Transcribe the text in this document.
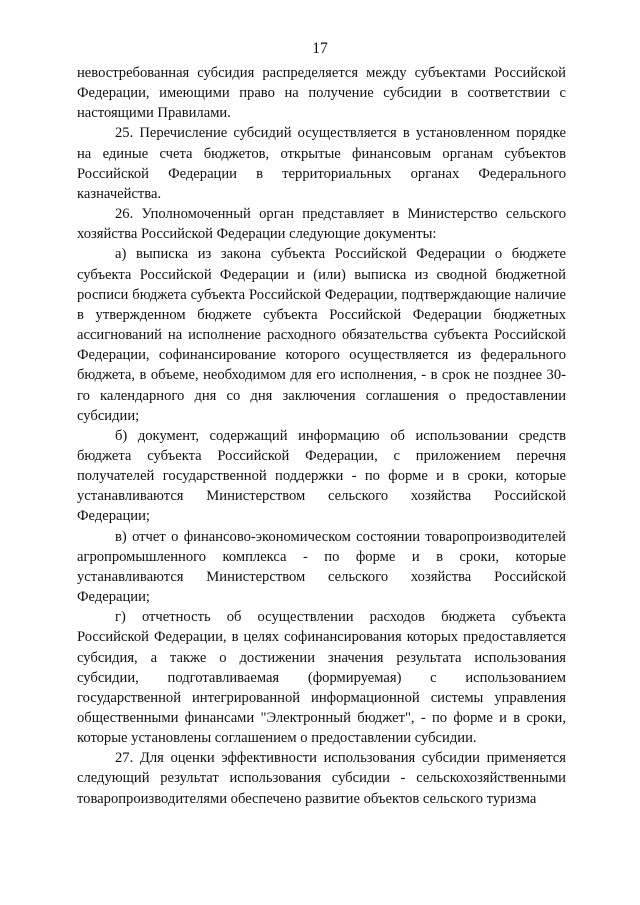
17

невостребованная субсидия распределяется между субъектами Российской Федерации, имеющими право на получение субсидии в соответствии с настоящими Правилами.

25. Перечисление субсидий осуществляется в установленном порядке на единые счета бюджетов, открытые финансовым органам субъектов Российской Федерации в территориальных органах Федерального казначейства.

26. Уполномоченный орган представляет в Министерство сельского хозяйства Российской Федерации следующие документы:

а) выписка из закона субъекта Российской Федерации о бюджете субъекта Российской Федерации и (или) выписка из сводной бюджетной росписи бюджета субъекта Российской Федерации, подтверждающие наличие в утвержденном бюджете субъекта Российской Федерации бюджетных ассигнований на исполнение расходного обязательства субъекта Российской Федерации, софинансирование которого осуществляется из федерального бюджета, в объеме, необходимом для его исполнения, - в срок не позднее 30-го календарного дня со дня заключения соглашения о предоставлении субсидии;

б) документ, содержащий информацию об использовании средств бюджета субъекта Российской Федерации, с приложением перечня получателей государственной поддержки - по форме и в сроки, которые устанавливаются Министерством сельского хозяйства Российской Федерации;

в) отчет о финансово-экономическом состоянии товаропроизводителей агропромышленного комплекса - по форме и в сроки, которые устанавливаются Министерством сельского хозяйства Российской Федерации;

г) отчетность об осуществлении расходов бюджета субъекта Российской Федерации, в целях софинансирования которых предоставляется субсидия, а также о достижении значения результата использования субсидии, подготавливаемая (формируемая) с использованием государственной интегрированной информационной системы управления общественными финансами "Электронный бюджет", - по форме и в сроки, которые установлены соглашением о предоставлении субсидии.

27. Для оценки эффективности использования субсидии применяется следующий результат использования субсидии - сельскохозяйственными товаропроизводителями обеспечено развитие объектов сельского туризма
